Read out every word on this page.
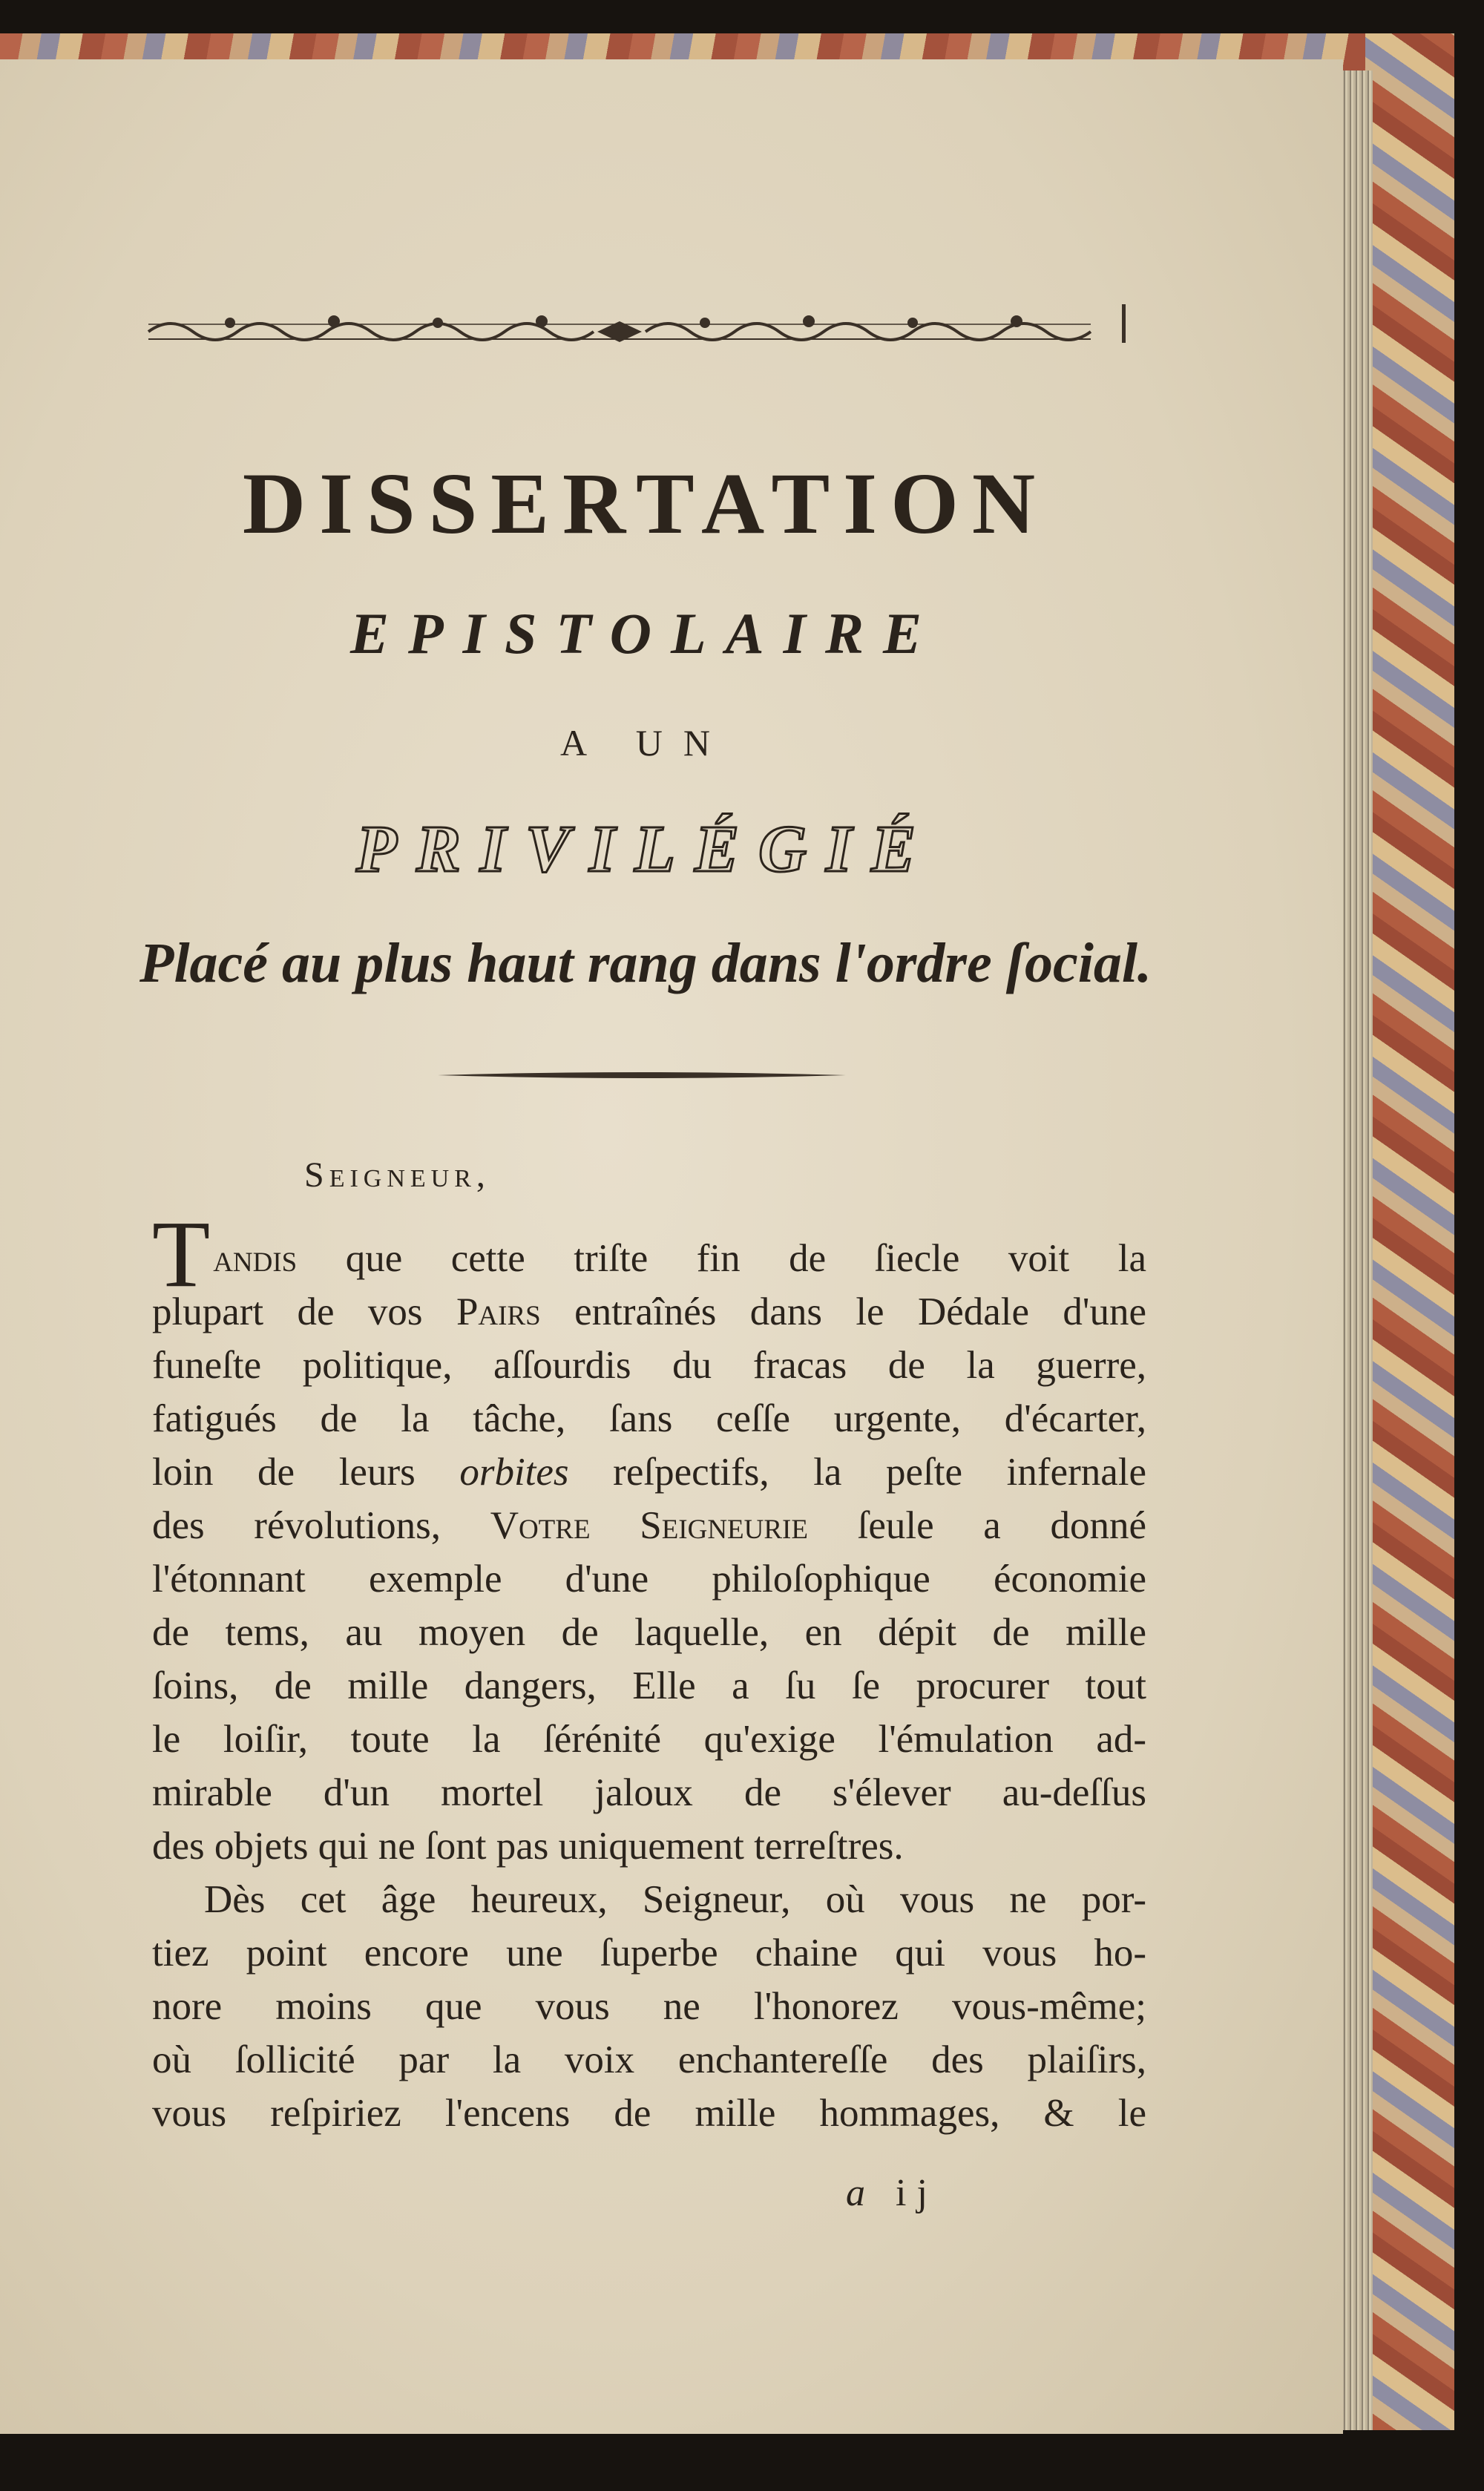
DISSERTATION
EPISTOLAIRE
A UN
PRIVILÉGIÉ
Placé au plus haut rang dans l'ordre ſocial.
Seigneur,
Tandis que cette triſte fin de ſiecle voit la
plupart de vos Pairs entraînés dans le Dédale d'une
funeſte politique, aſſourdis du fracas de la guerre,
fatigués de la tâche, ſans ceſſe urgente, d'écarter,
loin de leurs orbites reſpectifs, la peſte infernale
des révolutions, Votre Seigneurie ſeule a donné
l'étonnant exemple d'une philoſophique économie
de tems, au moyen de laquelle, en dépit de mille
ſoins, de mille dangers, Elle a ſu ſe procurer tout
le loiſir, toute la ſérénité qu'exige l'émulation ad-
mirable d'un mortel jaloux de s'élever au-deſſus
des objets qui ne ſont pas uniquement terreſtres.
Dès cet âge heureux, Seigneur, où vous ne por-
tiez point encore une ſuperbe chaine qui vous ho-
nore moins que vous ne l'honorez vous-même;
où ſollicité par la voix enchantereſſe des plaiſirs,
vous reſpiriez l'encens de mille hommages, & le
a ij
